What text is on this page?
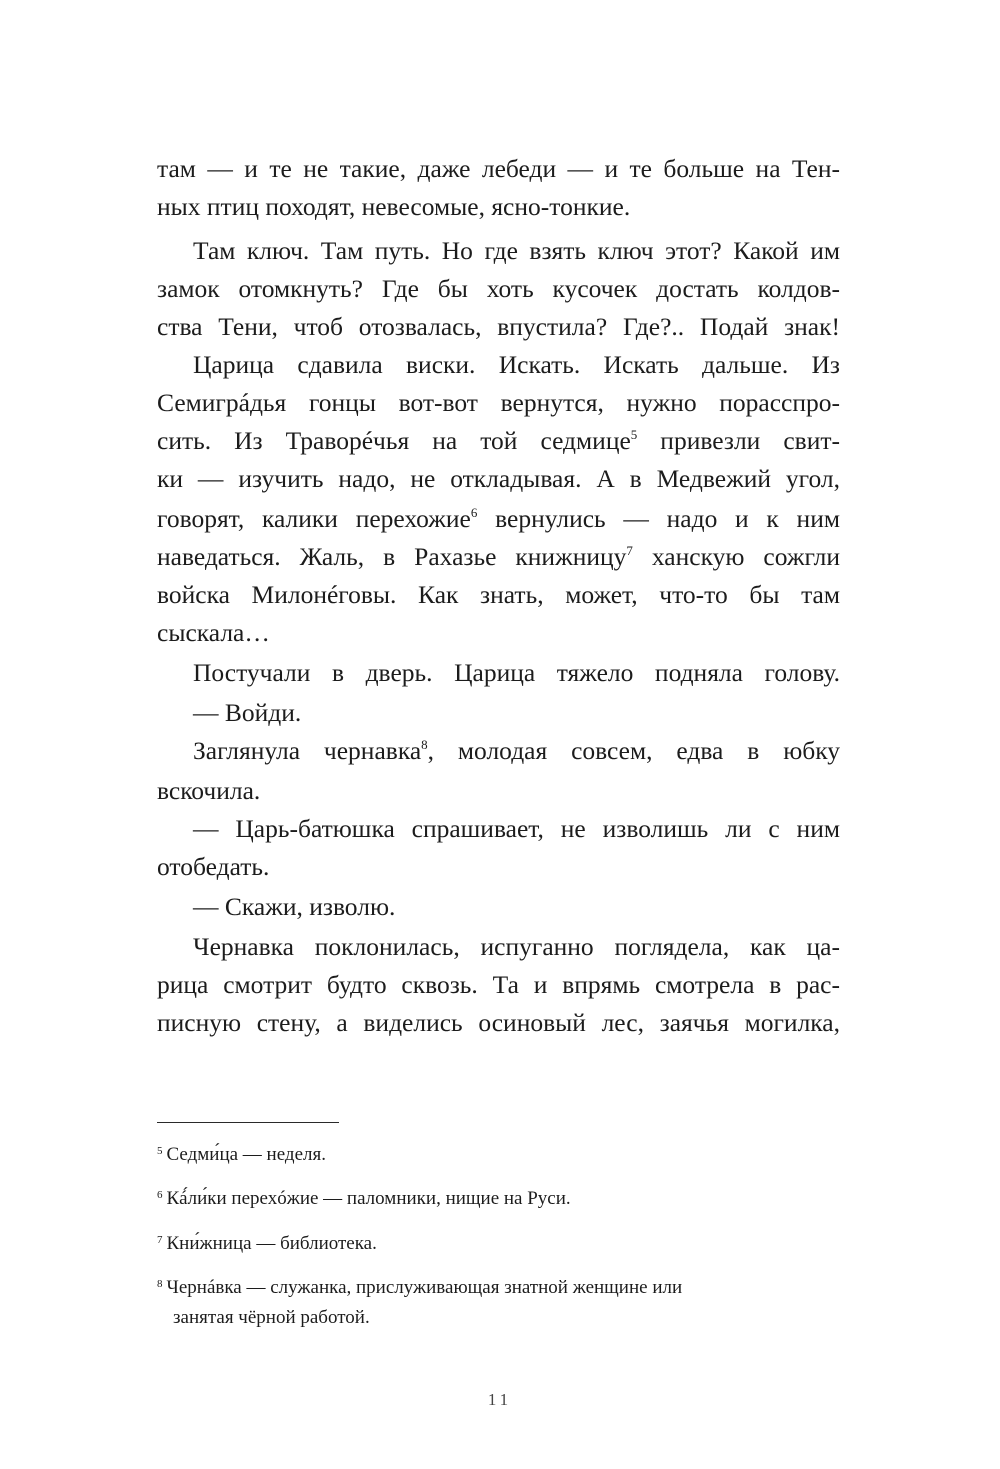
там — и те не такие, даже лебеди — и те больше на Тен-
ных птиц походят, невесомые, ясно-тонкие.
Там ключ. Там путь. Но где взять ключ этот? Какой им
замок отомкнуть? Где бы хоть кусочек достать колдов-
ства Тени, чтоб отозвалась, впустила? Где?.. Подай знак!
Царица сдавила виски. Искать. Искать дальше. Из
Семигрáдья гонцы вот-вот вернутся, нужно порасспро-
сить. Из Траворéчья на той седмице$^5$ привезли свит-
ки — изучить надо, не откладывая. А в Медвежий угол,
говорят, калики перехожие$^6$ вернулись — надо и к ним
наведаться. Жаль, в Рахазье книжницу$^7$ ханскую сожгли
войска Милонéговы. Как знать, может, что-то бы там
сыскала…
Постучали в дверь. Царица тяжело подняла голову.
— Войди.
Заглянула чернавка$^8$, молодая совсем, едва в юбку
вскочила.
— Царь-батюшка спрашивает, не изволишь ли с ним
отобедать.
— Скажи, изволю.
Чернавка поклонилась, испуганно поглядела, как ца-
рица смотрит будто сквозь. Та и впрямь смотрела в рас-
писную стену, а виделись осиновый лес, заячья могилка,
$^5$ Седми́ца — неделя.
$^6$ Кá́ли́ки перехóжие — паломники, нищие на Руси.
$^7$ Кни́жница — библиотека.
$^8$ Чернáвка — служанка, прислуживающая знатной женщине или
занятая чёрной работой.
11
